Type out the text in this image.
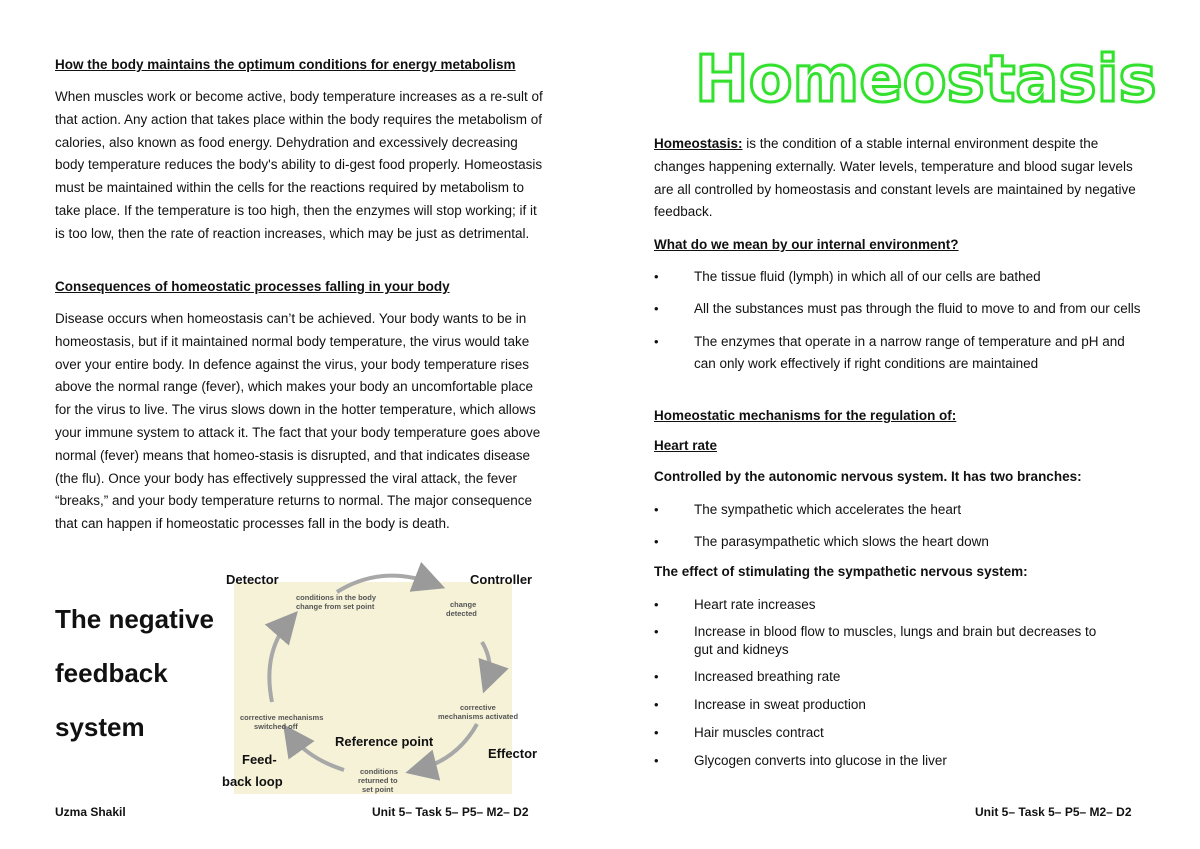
How the body maintains the optimum conditions for energy metabolism

When muscles work or become active, body temperature increases as a re-sult of that action. Any action that takes place within the body requires the metabolism of calories, also known as food energy. Dehydration and excessively decreasing body temperature reduces the body's ability to di-gest food properly. Homeostasis must be maintained within the cells for the reactions required by metabolism to take place. If the temperature is too high, then the enzymes will stop working; if it is too low, then the rate of reaction increases, which may be just as detrimental.

Consequences of homeostatic processes falling in your body

Disease occurs when homeostasis can’t be achieved. Your body wants to be in homeostasis, but if it maintained normal body temperature, the virus would take over your entire body. In defence against the virus, your body temperature rises above the normal range (fever), which makes your body an uncomfortable place for the virus to live. The virus slows down in the hotter temperature, which allows your immune system to attack it. The fact that your body temperature goes above normal (fever) means that homeo-stasis is disrupted, and that indicates disease (the flu). Once your body has effectively suppressed the viral attack, the fever “breaks,” and your body temperature returns to normal. The major consequence that can happen if homeostatic processes fall in the body is death.

The negative
feedback
system
conditions in the body
change from set point	change
detected
corrective
mechanisms activated
conditions
returned to
set point
corrective mechanisms
switched off
Detector	Controller
Effector
Reference point
Feed-
back loop
Uzma Shakil	Unit 5– Task 5– P5– M2– D2
Homeostasis

Homeostasis: is the condition of a stable internal environment despite the changes happening externally. Water levels, temperature and blood sugar levels are all controlled by homeostasis and constant levels are maintained by negative feedback.

What do we mean by our internal environment?
•	The tissue fluid (lymph) in which all of our cells are bathed
•	All the substances must pas through the fluid to move to and from our cells
•	The enzymes that operate in a narrow range of temperature and pH and can only work effectively if right conditions are maintained
Homeostatic mechanisms for the regulation of:
Heart rate
Controlled by the autonomic nervous system. It has two branches:
•	The sympathetic which accelerates the heart
•	The parasympathetic which slows the heart down
The effect of stimulating the sympathetic nervous system:
•	Heart rate increases
•	Increase in blood flow to muscles, lungs and brain but decreases to gut and kidneys
•	Increased breathing rate
•	Increase in sweat production
•	Hair muscles contract
•	Glycogen converts into glucose in the liver
Unit 5– Task 5– P5– M2– D2
